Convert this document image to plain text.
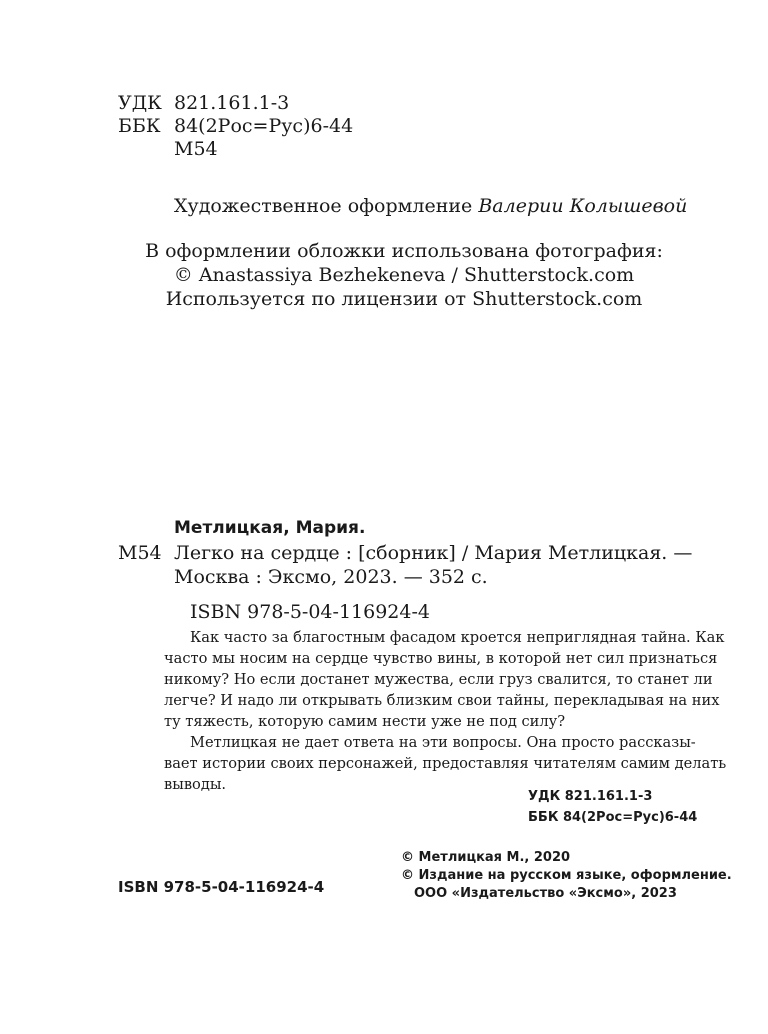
УДК 821.161.1-3
ББК 84(2Рос=Рус)6-44
М54
Художественное оформление Валерии Колышевой
В оформлении обложки использована фотография:
© Anastassiya Bezhekeneva / Shutterstock.com
Используется по лицензии от Shutterstock.com
Метлицкая, Мария.
М54 Легко на сердце : [сборник] / Мария Метлицкая. —
Москва : Эксмо, 2023. — 352 с.
ISBN 978-5-04-116924-4
Как часто за благостным фасадом кроется неприглядная тайна. Как
часто мы носим на сердце чувство вины, в которой нет сил признаться
никому? Но если достанет мужества, если груз свалится, то станет ли
легче? И надо ли открывать близким свои тайны, перекладывая на них
ту тяжесть, которую самим нести уже не под силу?
Метлицкая не дает ответа на эти вопросы. Она просто рассказы-
вает истории своих персонажей, предоставляя читателям самим делать
выводы.
УДК 821.161.1-3
ББК 84(2Рос=Рус)6-44
ISBN 978-5-04-116924-4
© Метлицкая М., 2020
© Издание на русском языке, оформление.
ООО «Издательство «Эксмо», 2023
